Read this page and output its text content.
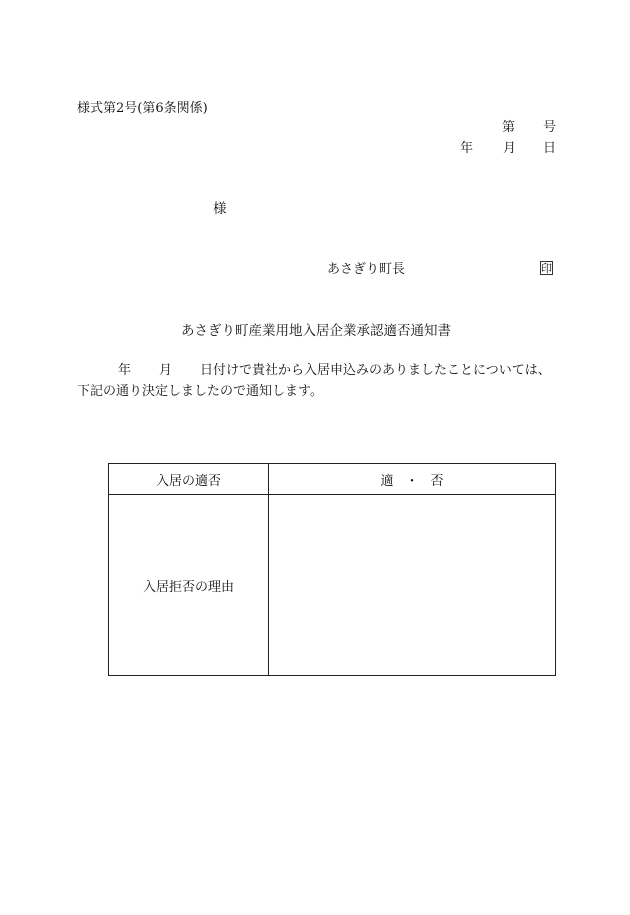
様式第2号(第6条関係)
第 号
年 月 日
様
あさぎり町長	印
あさぎり町産業用地入居企業承認適否通知書
年 月 日付けで貴社から入居申込みのありましたことについては、
下記の通り決定しましたので通知します。
入居の適否	適 ・ 否
入居拒否の理由	
